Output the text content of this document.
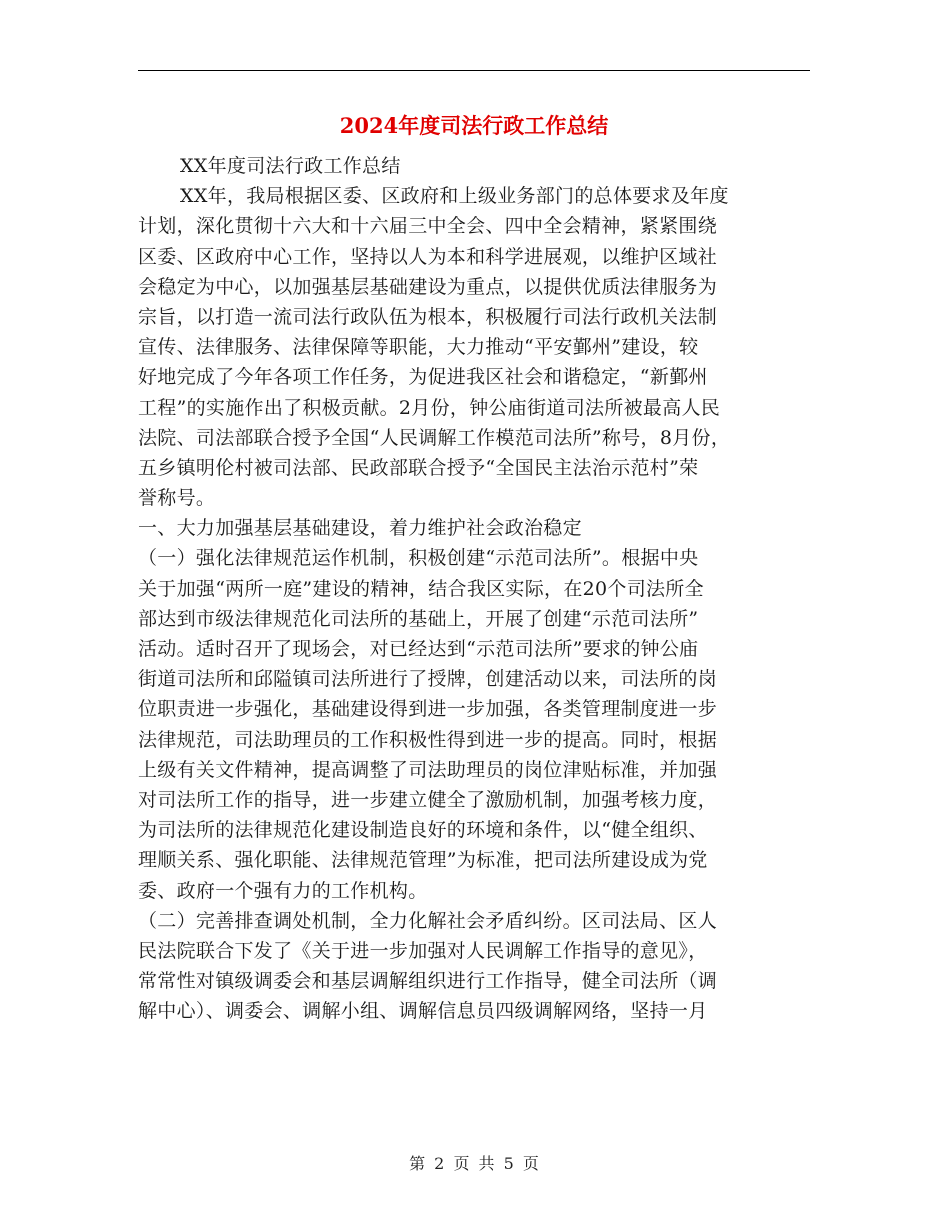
2024年度司法行政工作总结
XX年度司法行政工作总结
XX年，我局根据区委、区政府和上级业务部门的总体要求及年度
计划，深化贯彻十六大和十六届三中全会、四中全会精神，紧紧围绕
区委、区政府中心工作，坚持以人为本和科学进展观，以维护区域社
会稳定为中心，以加强基层基础建设为重点，以提供优质法律服务为
宗旨，以打造一流司法行政队伍为根本，积极履行司法行政机关法制
宣传、法律服务、法律保障等职能，大力推动“平安鄞州”建设，较
好地完成了今年各项工作任务，为促进我区社会和谐稳定，“新鄞州
工程”的实施作出了积极贡献。2月份，钟公庙街道司法所被最高人民
法院、司法部联合授予全国“人民调解工作模范司法所”称号，8月份，
五乡镇明伦村被司法部、民政部联合授予“全国民主法治示范村”荣
誉称号。
一、大力加强基层基础建设，着力维护社会政治稳定
（一）强化法律规范运作机制，积极创建“示范司法所”。根据中央
关于加强“两所一庭”建设的精神，结合我区实际，在20个司法所全
部达到市级法律规范化司法所的基础上，开展了创建“示范司法所”
活动。适时召开了现场会，对已经达到“示范司法所”要求的钟公庙
街道司法所和邱隘镇司法所进行了授牌，创建活动以来，司法所的岗
位职责进一步强化，基础建设得到进一步加强，各类管理制度进一步
法律规范，司法助理员的工作积极性得到进一步的提高。同时，根据
上级有关文件精神，提高调整了司法助理员的岗位津贴标准，并加强
对司法所工作的指导，进一步建立健全了激励机制，加强考核力度，
为司法所的法律规范化建设制造良好的环境和条件，以“健全组织、
理顺关系、强化职能、法律规范管理”为标准，把司法所建设成为党
委、政府一个强有力的工作机构。
（二）完善排查调处机制，全力化解社会矛盾纠纷。区司法局、区人
民法院联合下发了《关于进一步加强对人民调解工作指导的意见》，
常常性对镇级调委会和基层调解组织进行工作指导，健全司法所（调
解中心）、调委会、调解小组、调解信息员四级调解网络，坚持一月
第 2 页 共 5 页
